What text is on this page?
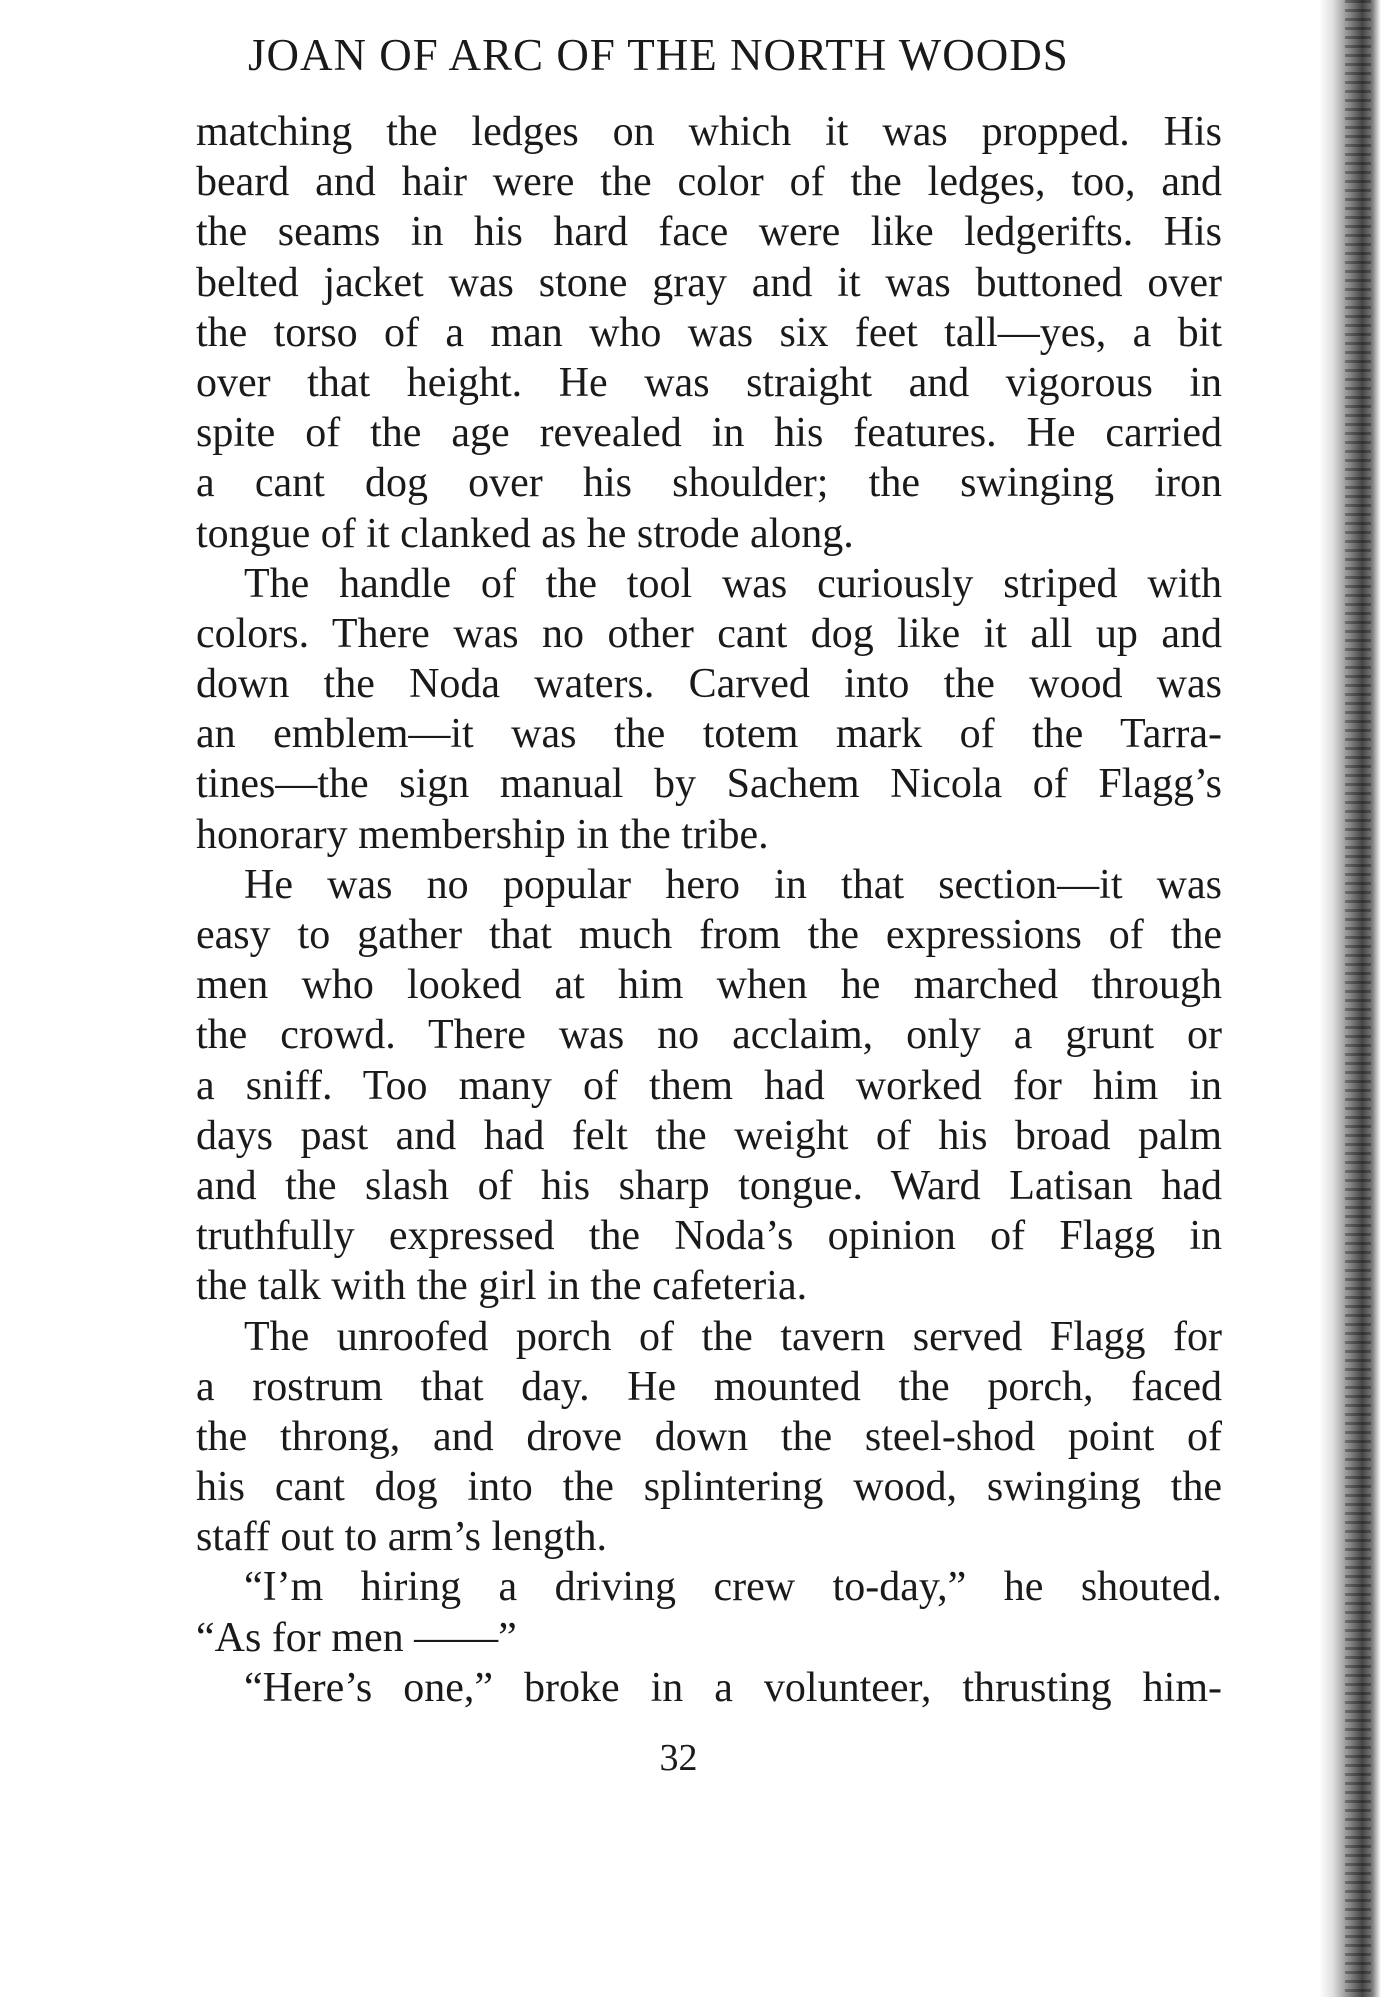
JOAN OF ARC OF THE NORTH WOODS
matching the ledges on which it was propped. His
beard and hair were the color of the ledges, too, and
the seams in his hard face were like ledgerifts. His
belted jacket was stone gray and it was buttoned over
the torso of a man who was six feet tall—yes, a bit
over that height. He was straight and vigorous in
spite of the age revealed in his features. He carried
a cant dog over his shoulder; the swinging iron
tongue of it clanked as he strode along.
The handle of the tool was curiously striped with
colors. There was no other cant dog like it all up and
down the Noda waters. Carved into the wood was
an emblem—it was the totem mark of the Tarra-
tines—the sign manual by Sachem Nicola of Flagg’s
honorary membership in the tribe.
He was no popular hero in that section—it was
easy to gather that much from the expressions of the
men who looked at him when he marched through
the crowd. There was no acclaim, only a grunt or
a sniff. Too many of them had worked for him in
days past and had felt the weight of his broad palm
and the slash of his sharp tongue. Ward Latisan had
truthfully expressed the Noda’s opinion of Flagg in
the talk with the girl in the cafeteria.
The unroofed porch of the tavern served Flagg for
a rostrum that day. He mounted the porch, faced
the throng, and drove down the steel-shod point of
his cant dog into the splintering wood, swinging the
staff out to arm’s length.
“I’m hiring a driving crew to-day,” he shouted.
“As for men ——”
“Here’s one,” broke in a volunteer, thrusting him-
32
